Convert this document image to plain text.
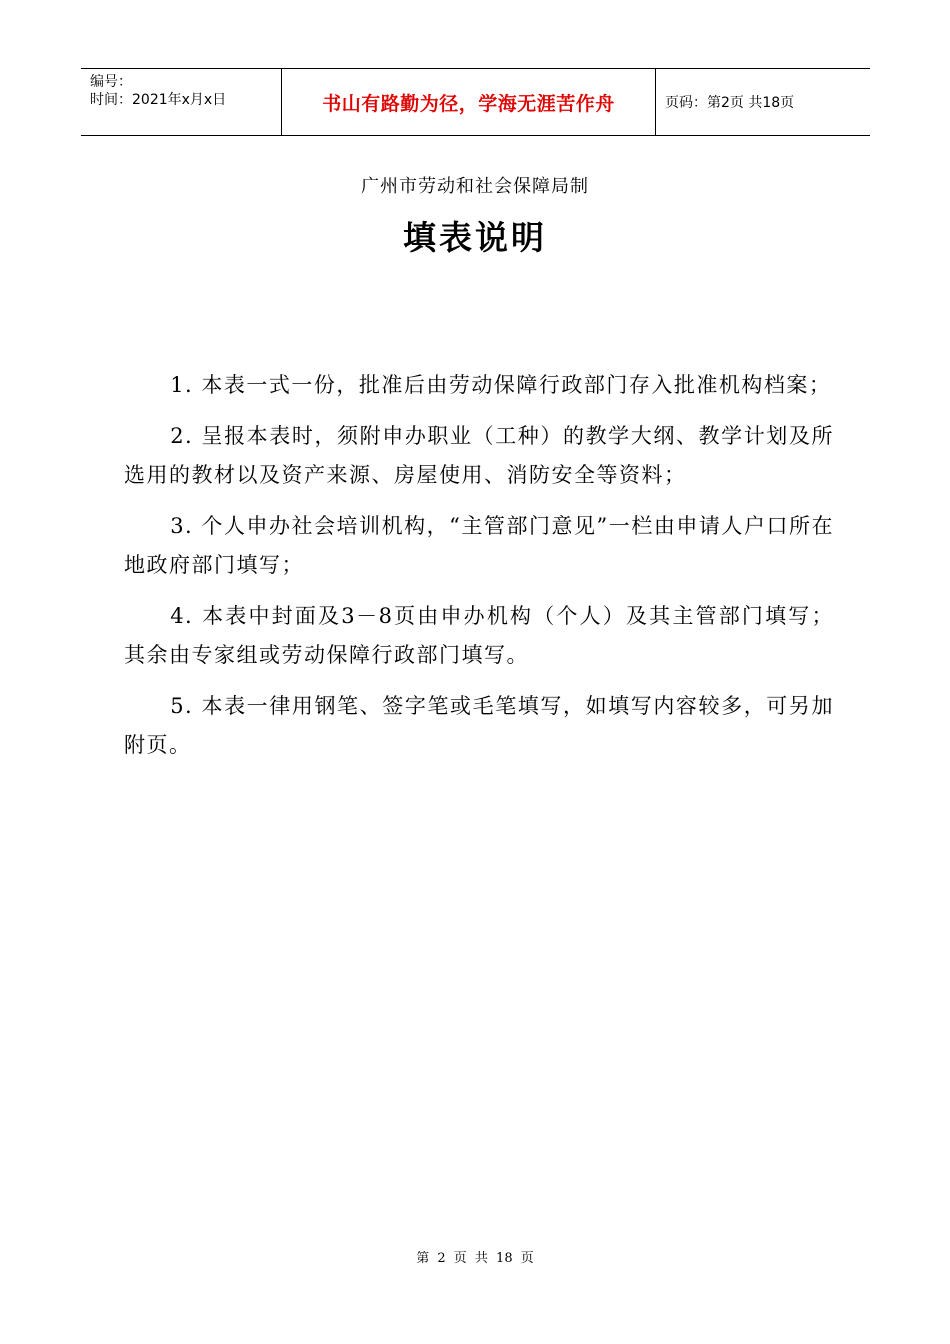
编号：
时间：2021年x月x日	书山有路勤为径，学海无涯苦作舟	页码：第2页 共18页
广州市劳动和社会保障局制
填表说明

1. 本表一式一份，批准后由劳动保障行政部门存入批准机构档案；

2. 呈报本表时，须附申办职业（工种）的教学大纲、教学计划及所选用的教材以及资产来源、房屋使用、消防安全等资料；

3. 个人申办社会培训机构，“主管部门意见”一栏由申请人户口所在地政府部门填写；

4. 本表中封面及3－8页由申办机构（个人）及其主管部门填写；其余由专家组或劳动保障行政部门填写。

5. 本表一律用钢笔、签字笔或毛笔填写，如填写内容较多，可另加附页。

第 2 页 共 18 页
